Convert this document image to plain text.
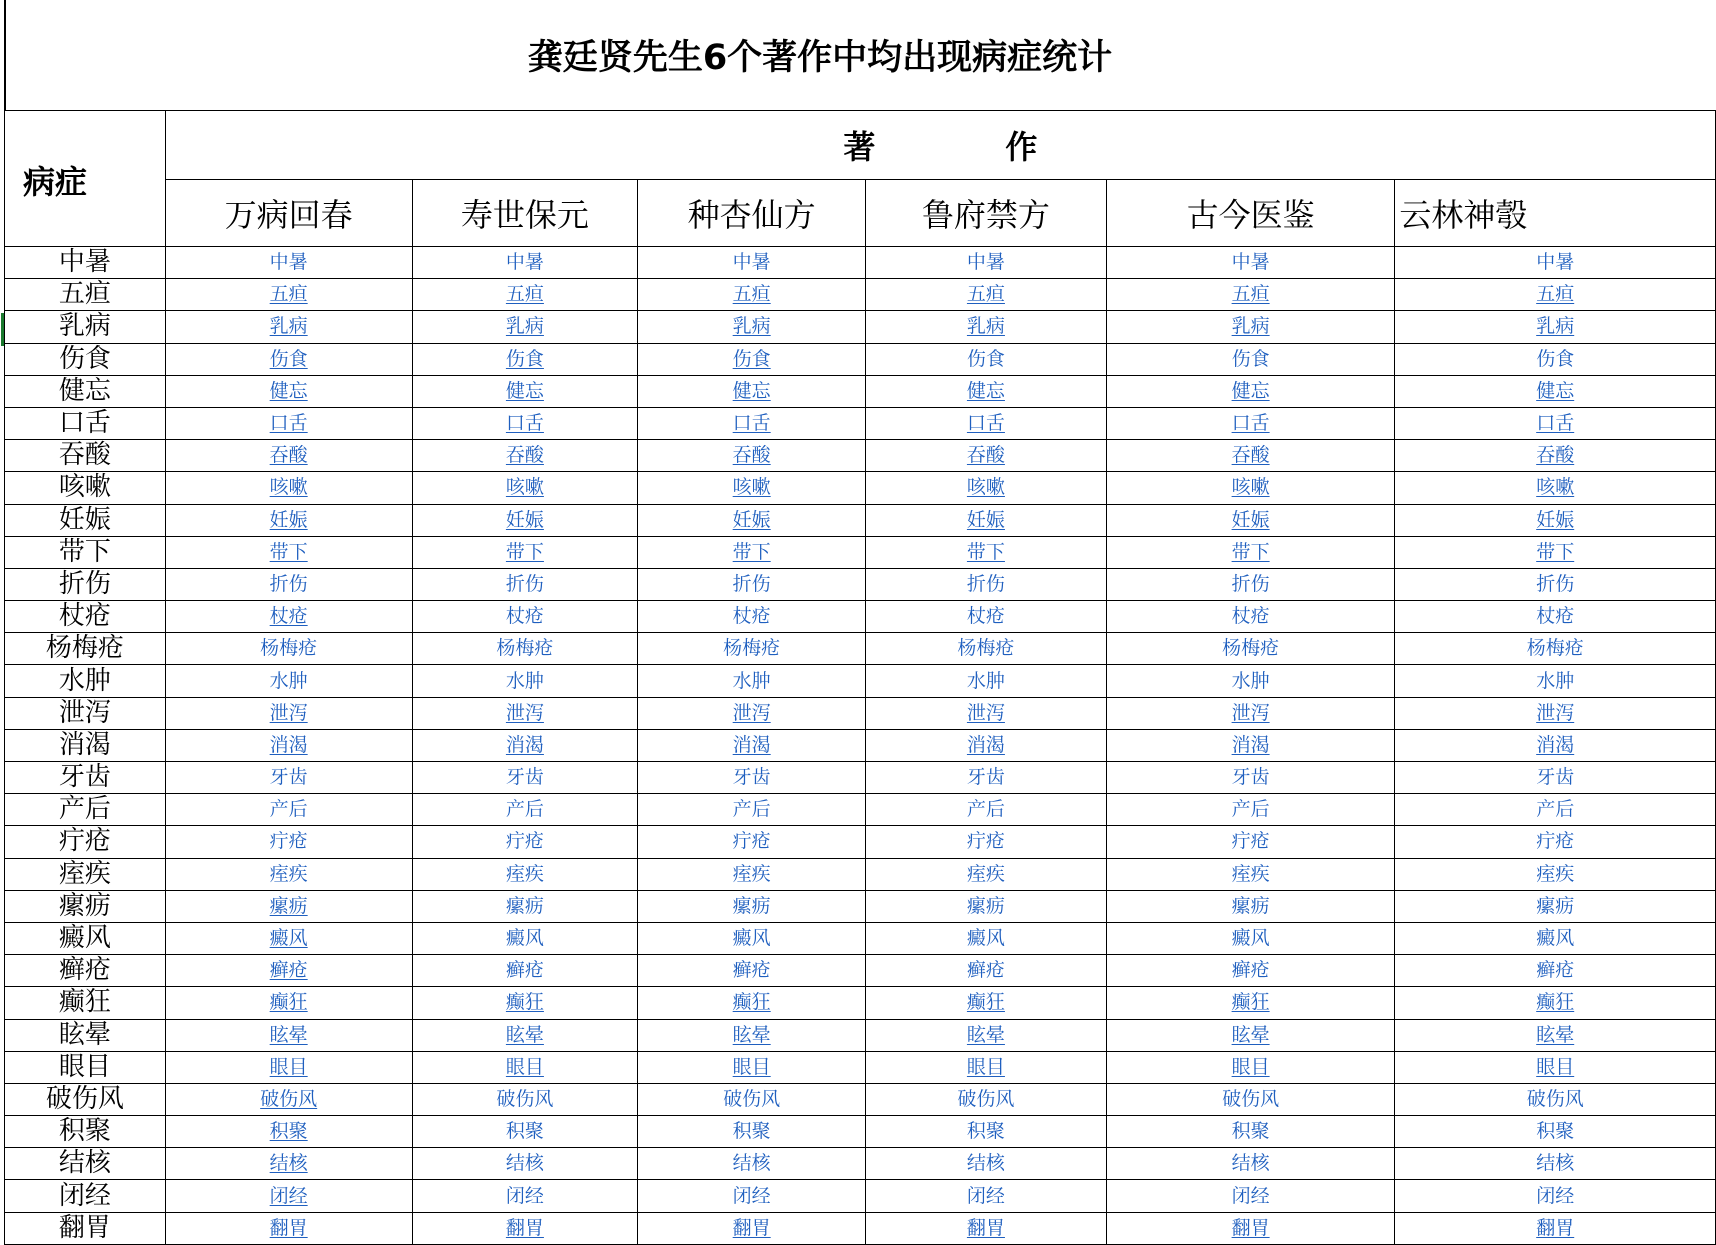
龚廷贤先生6个著作中均出现病症统计
病症	著 作					
	万病回春	寿世保元	种杏仙方	鲁府禁方	古今医鉴	云林神彀
中暑	中暑	中暑	中暑	中暑	中暑	中暑
五疸	五疸	五疸	五疸	五疸	五疸	五疸
乳病	乳病	乳病	乳病	乳病	乳病	乳病
伤食	伤食	伤食	伤食	伤食	伤食	伤食
健忘	健忘	健忘	健忘	健忘	健忘	健忘
口舌	口舌	口舌	口舌	口舌	口舌	口舌
吞酸	吞酸	吞酸	吞酸	吞酸	吞酸	吞酸
咳嗽	咳嗽	咳嗽	咳嗽	咳嗽	咳嗽	咳嗽
妊娠	妊娠	妊娠	妊娠	妊娠	妊娠	妊娠
带下	带下	带下	带下	带下	带下	带下
折伤	折伤	折伤	折伤	折伤	折伤	折伤
杖疮	杖疮	杖疮	杖疮	杖疮	杖疮	杖疮
杨梅疮	杨梅疮	杨梅疮	杨梅疮	杨梅疮	杨梅疮	杨梅疮
水肿	水肿	水肿	水肿	水肿	水肿	水肿
泄泻	泄泻	泄泻	泄泻	泄泻	泄泻	泄泻
消渴	消渴	消渴	消渴	消渴	消渴	消渴
牙齿	牙齿	牙齿	牙齿	牙齿	牙齿	牙齿
产后	产后	产后	产后	产后	产后	产后
疔疮	疔疮	疔疮	疔疮	疔疮	疔疮	疔疮
痓疾	痓疾	痓疾	痓疾	痓疾	痓疾	痓疾
瘰疬	瘰疬	瘰疬	瘰疬	瘰疬	瘰疬	瘰疬
癜风	癜风	癜风	癜风	癜风	癜风	癜风
癣疮	癣疮	癣疮	癣疮	癣疮	癣疮	癣疮
癫狂	癫狂	癫狂	癫狂	癫狂	癫狂	癫狂
眩晕	眩晕	眩晕	眩晕	眩晕	眩晕	眩晕
眼目	眼目	眼目	眼目	眼目	眼目	眼目
破伤风	破伤风	破伤风	破伤风	破伤风	破伤风	破伤风
积聚	积聚	积聚	积聚	积聚	积聚	积聚
结核	结核	结核	结核	结核	结核	结核
闭经	闭经	闭经	闭经	闭经	闭经	闭经
翻胃	翻胃	翻胃	翻胃	翻胃	翻胃	翻胃
